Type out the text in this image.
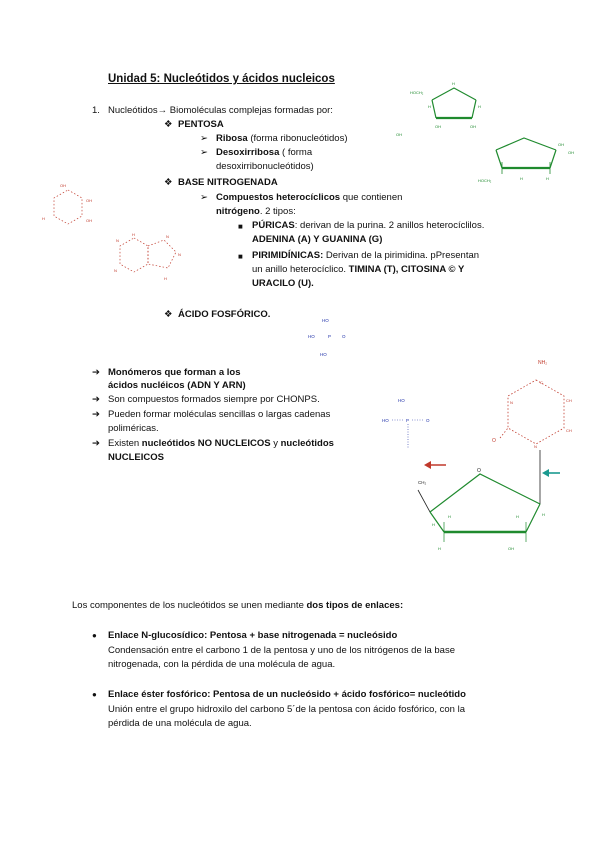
Unidad 5: Nucleótidos y ácidos nucleicos
1. Nucleótidos→ Biomoléculas complejas formadas por:
❖ PENTOSA
➢ Ribosa (forma ribonucleótidos)
➢ Desoxirribosa ( forma
desoxirribonucleótidos)
❖ BASE NITROGENADA
➢ Compuestos heterocíclicos que contienen
nitrógeno. 2 tipos:
■ PÚRICAS: derivan de la purina. 2 anillos heterocíclilos.
ADENINA (A) Y GUANINA (G)
■ PIRIMIDÍNICAS: Derivan de la pirimidina. pPresentan
un anillo heterocíclico. TIMINA (T), CITOSINA © Y
URACILO (U).
❖ ÁCIDO FOSFÓRICO.
➔ Monómeros que forman a los
ácidos nucléicos (ADN Y ARN)
➔ Son compuestos formados siempre por CHONPS.
➔ Pueden formar moléculas sencillas o largas cadenas
poliméricas.
➔ Existen nucleótidos NO NUCLEICOS y nucleótidos
NUCLEICOS
Los componentes de los nucleótidos se unen mediante dos tipos de enlaces:
● Enlace N-glucosídico: Pentosa + base nitrogenada = nucleósido
Condensación entre el carbono 1 de la pentosa y uno de los nitrógenos de la base
nitrogenada, con la pérdida de una molécula de agua.
● Enlace éster fosfórico: Pentosa de un nucleósido + ácido fosfórico= nucleótido
Unión entre el grupo hidroxilo del carbono 5´de la pentosa con ácido fosfórico, con la
pérdida de una molécula de agua.
HOCH₂
H
OH
H
OH
OH
H
OH
HOCH₂	H	H
OH
OH
OH
H	OH
N
H	N
N
N
H
HO
HO	P O
HO
NH₂
C
N	CH
CH
N
O
HO
HO	P	O
CH₂
O
H	H	H
H
H	OH
